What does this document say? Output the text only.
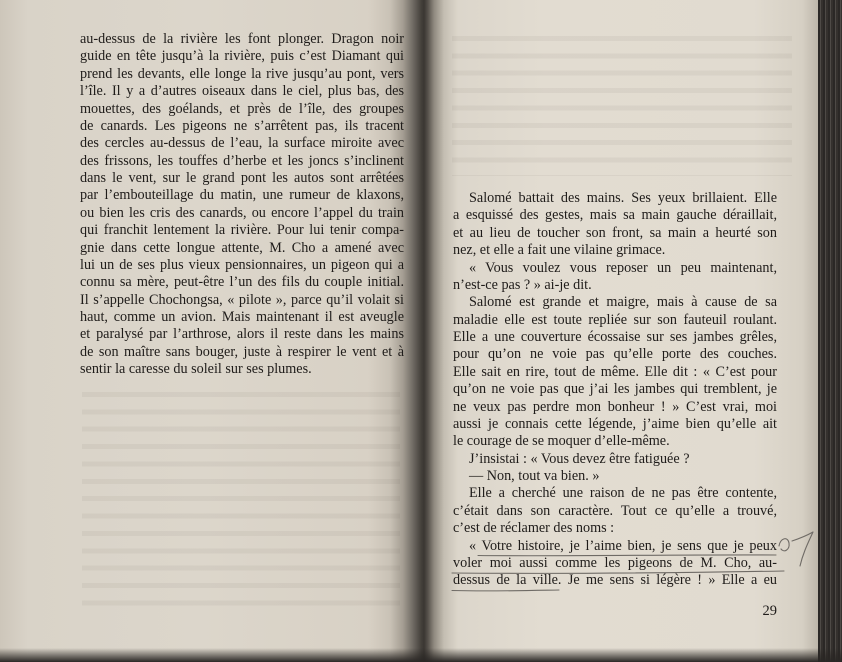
au-dessus de la rivière les font plonger. Dragon noir
guide en tête jusqu’à la rivière, puis c’est Diamant qui
prend les devants, elle longe la rive jusqu’au pont, vers
l’île. Il y a d’autres oiseaux dans le ciel, plus bas, des
mouettes, des goélands, et près de l’île, des groupes
de canards. Les pigeons ne s’arrêtent pas, ils tracent
des cercles au-dessus de l’eau, la surface miroite avec
des frissons, les touffes d’herbe et les joncs s’inclinent
dans le vent, sur le grand pont les autos sont arrêtées
par l’embouteillage du matin, une rumeur de klaxons,
ou bien les cris des canards, ou encore l’appel du train
qui franchit lentement la rivière. Pour lui tenir compa-
gnie dans cette longue attente, M. Cho a amené avec
lui un de ses plus vieux pensionnaires, un pigeon qui a
connu sa mère, peut-être l’un des fils du couple initial.
Il s’appelle Chochongsa, « pilote », parce qu’il volait si
haut, comme un avion. Mais maintenant il est aveugle
et paralysé par l’arthrose, alors il reste dans les mains
de son maître sans bouger, juste à respirer le vent et à
sentir la caresse du soleil sur ses plumes.
Salomé battait des mains. Ses yeux brillaient. Elle
a esquissé des gestes, mais sa main gauche déraillait,
et au lieu de toucher son front, sa main a heurté son
nez, et elle a fait une vilaine grimace.
« Vous voulez vous reposer un peu maintenant,
n’est-ce pas ? » ai-je dit.
Salomé est grande et maigre, mais à cause de sa
maladie elle est toute repliée sur son fauteuil roulant.
Elle a une couverture écossaise sur ses jambes grêles,
pour qu’on ne voie pas qu’elle porte des couches.
Elle sait en rire, tout de même. Elle dit : « C’est pour
qu’on ne voie pas que j’ai les jambes qui tremblent, je
ne veux pas perdre mon bonheur ! » C’est vrai, moi
aussi je connais cette légende, j’aime bien qu’elle ait
le courage de se moquer d’elle-même.
J’insistai : « Vous devez être fatiguée ?
— Non, tout va bien. »
Elle a cherché une raison de ne pas être contente,
c’était dans son caractère. Tout ce qu’elle a trouvé,
c’est de réclamer des noms :
« Votre histoire, je l’aime bien, je sens que je peux
voler moi aussi comme les pigeons de M. Cho, au-
dessus de la ville. Je me sens si légère ! » Elle a eu
29
